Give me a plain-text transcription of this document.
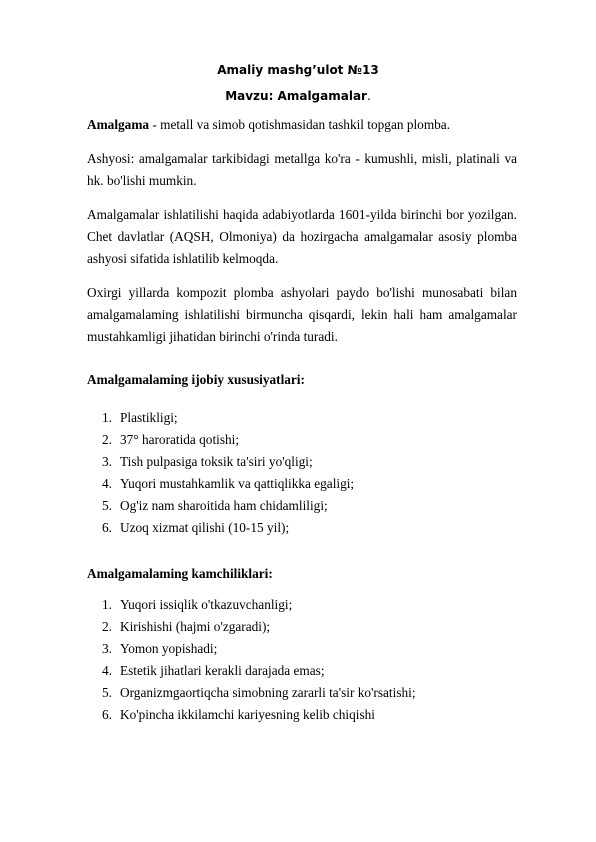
Amaliy mashg’ulot №13
Mavzu: Amalgamalar.

Amalgama - metall va simob qotishmasidan tashkil topgan plomba.

Ashyosi: amalgamalar tarkibidagi metallga ko'ra - kumushli, misli, platinali va hk. bo'lishi mumkin.

Amalgamalar ishlatilishi haqida adabiyotlarda 1601-yilda birinchi bor yozilgan. Chet davlatlar (AQSH, Olmoniya) da hozirgacha amalgamalar asosiy plomba ashyosi sifatida ishlatilib kelmoqda.

Oxirgi yillarda kompozit plomba ashyolari paydo bo'lishi munosabati bilan amalgamalaming ishlatilishi birmuncha qisqardi, lekin hali ham amalgamalar mustahkamligi jihatidan birinchi o'rinda turadi.

Amalgamalaming ijobiy xususiyatlari:

1. Plastikligi;
2. 37° haroratida qotishi;
3. Tish pulpasiga toksik ta'siri yo'qligi;
4. Yuqori mustahkamlik va qattiqlikka egaligi;
5. Og'iz nam sharoitida ham chidamliligi;
6. Uzoq xizmat qilishi (10-15 yil);

Amalgamalaming kamchiliklari:

1. Yuqori issiqlik o'tkazuvchanligi;
2. Kirishishi (hajmi o'zgaradi);
3. Yomon yopishadi;
4. Estetik jihatlari kerakli darajada emas;
5. Organizmgaortiqcha simobning zararli ta'sir ko'rsatishi;
6. Ko'pincha ikkilamchi kariyesning kelib chiqishi
